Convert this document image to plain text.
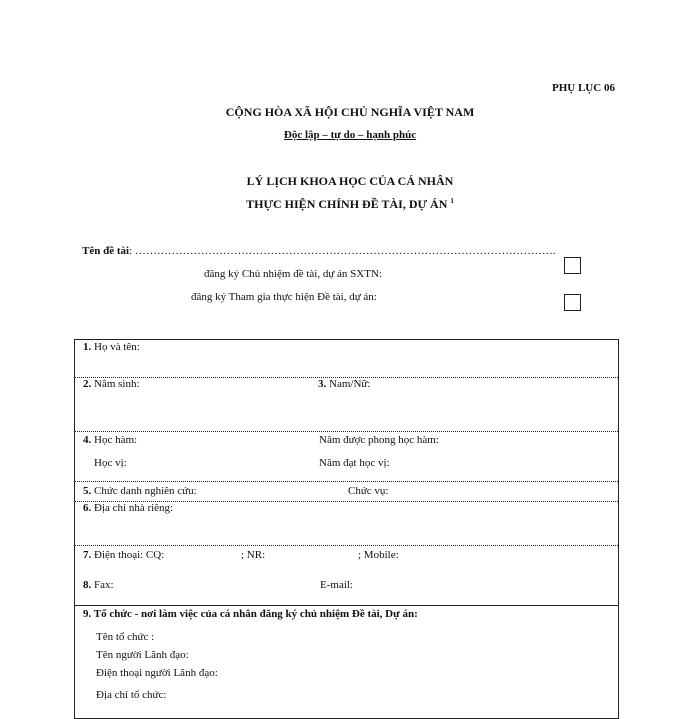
PHỤ LỤC 06
CỘNG HÒA XÃ HỘI CHỦ NGHĨA VIỆT NAM
Độc lập – tự do – hạnh phúc
LÝ LỊCH KHOA HỌC CỦA CÁ NHÂN
THỰC HIỆN CHÍNH ĐỀ TÀI, DỰ ÁN $^1$
Tên đề tài: …………………………………………………………………………………………………….
đăng ký Chủ nhiệm đề tài, dự án SXTN:
đăng ký Tham gia thực hiện Đề tài, dự án:
1. Họ và tên:
2. Năm sinh:	3. Nam/Nữ:
4. Học hàm:	Năm được phong học hàm:
Học vị:	Năm đạt học vị:
5. Chức danh nghiên cứu:	Chức vụ:
6. Địa chỉ nhà riêng:
7. Điện thoại: CQ:	; NR:	; Mobile:
8. Fax:	E-mail:
9. Tổ chức - nơi làm việc của cá nhân đăng ký chủ nhiệm Đề tài, Dự án:
Tên tổ chức :
Tên người Lãnh đạo:
Điện thoại người Lãnh đạo:
Địa chỉ tổ chức:
